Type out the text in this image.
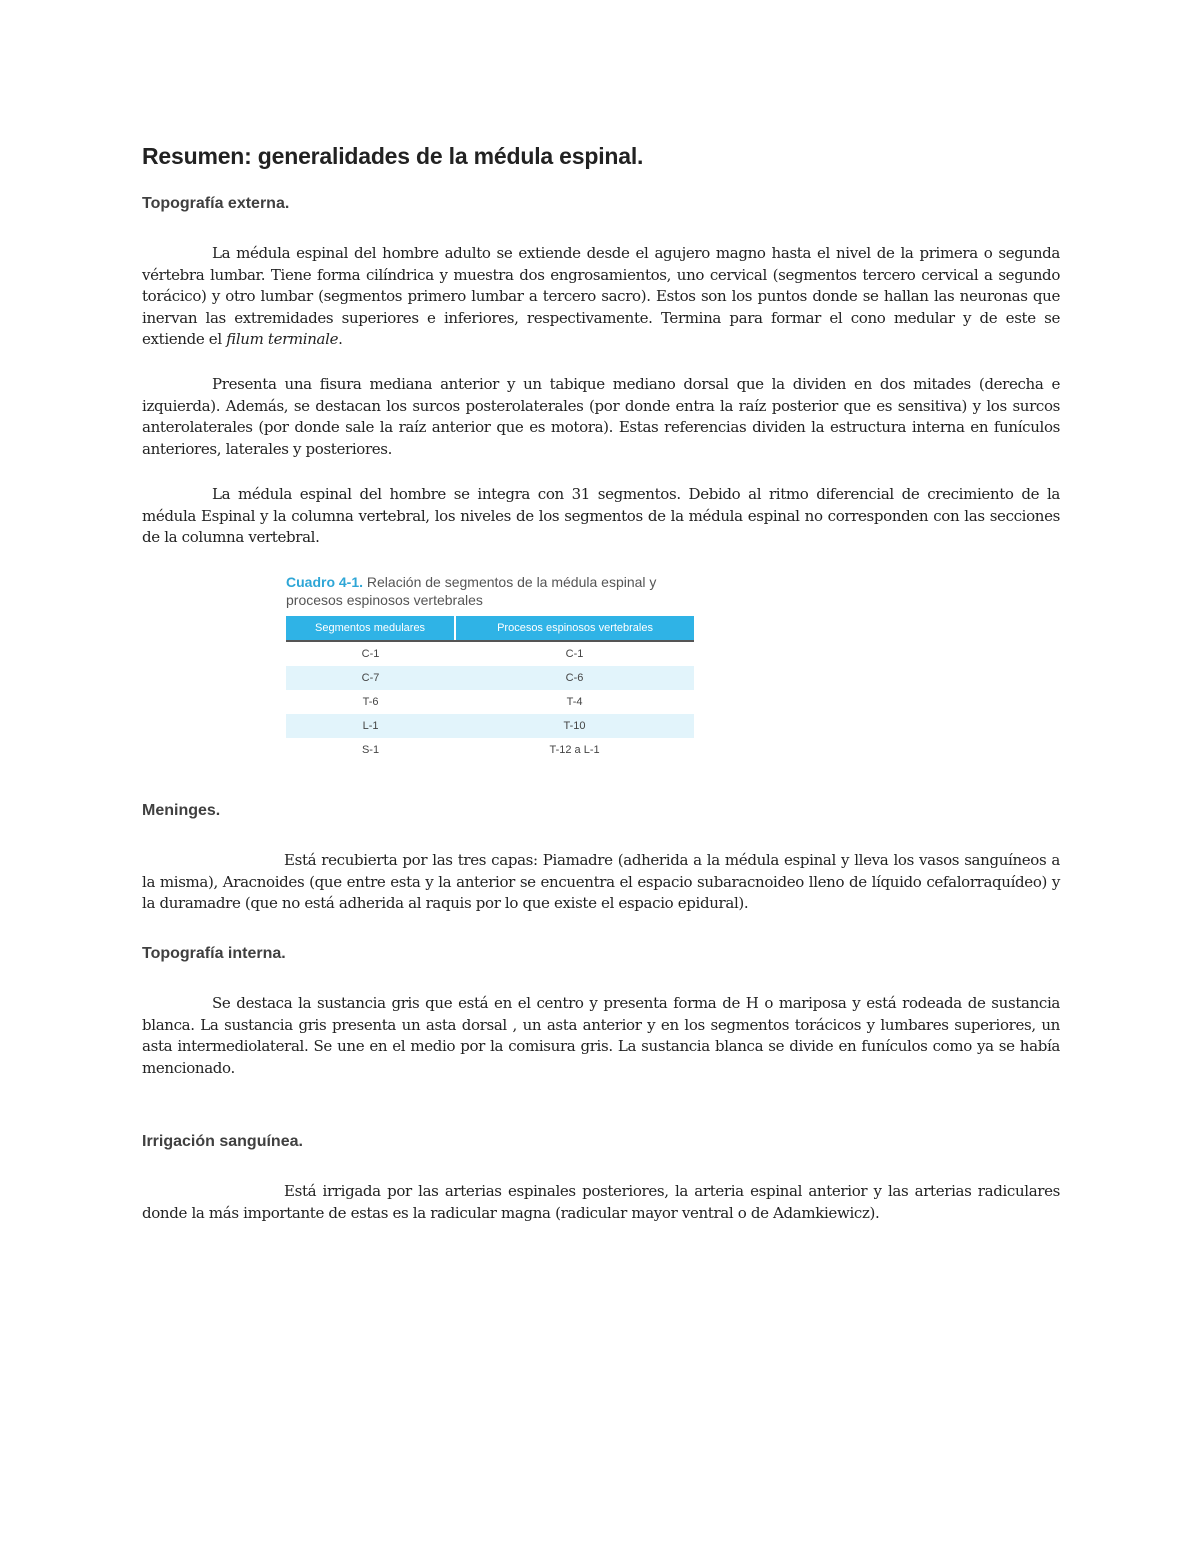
Resumen: generalidades de la médula espinal.
Topografía externa.

La médula espinal del hombre adulto se extiende desde el agujero magno hasta el nivel de la primera o segunda vértebra lumbar. Tiene forma cilíndrica y muestra dos engrosamientos, uno cervical (segmentos tercero cervical a segundo torácico) y otro lumbar (segmentos primero lumbar a tercero sacro). Estos son los puntos donde se hallan las neuronas que inervan las extremidades superiores e inferiores, respectivamente. Termina para formar el cono medular y de este se extiende el filum terminale.

Presenta una fisura mediana anterior y un tabique mediano dorsal que la dividen en dos mitades (derecha e izquierda). Además, se destacan los surcos posterolaterales (por donde entra la raíz posterior que es sensitiva) y los surcos anterolaterales (por donde sale la raíz anterior que es motora). Estas referencias dividen la estructura interna en funículos anteriores, laterales y posteriores.

La médula espinal del hombre se integra con 31 segmentos. Debido al ritmo diferencial de crecimiento de la médula Espinal y la columna vertebral, los niveles de los segmentos de la médula espinal no corresponden con las secciones de la columna vertebral.

Meninges.

Está recubierta por las tres capas: Piamadre (adherida a la médula espinal y lleva los vasos sanguíneos a la misma), Aracnoides (que entre esta y la anterior se encuentra el espacio subaracnoideo lleno de líquido cefalorraquídeo) y la duramadre (que no está adherida al raquis por lo que existe el espacio epidural).

Topografía interna.

Se destaca la sustancia gris que está en el centro y presenta forma de H o mariposa y está rodeada de sustancia blanca. La sustancia gris presenta un asta dorsal , un asta anterior y en los segmentos torácicos y lumbares superiores, un asta intermediolateral. Se une en el medio por la comisura gris. La sustancia blanca se divide en funículos como ya se había mencionado.

Irrigación sanguínea.

Está irrigada por las arterias espinales posteriores, la arteria espinal anterior y las arterias radiculares donde la más importante de estas es la radicular magna (radicular mayor ventral o de Adamkiewicz).

Cuadro 4-1. Relación de segmentos de la médula espinal y procesos espinosos vertebrales
Segmentos medulares	Procesos espinosos vertebrales
C-1	C-1
C-7	C-6
T-6	T-4
L-1	T-10
S-1	T-12 a L-1
